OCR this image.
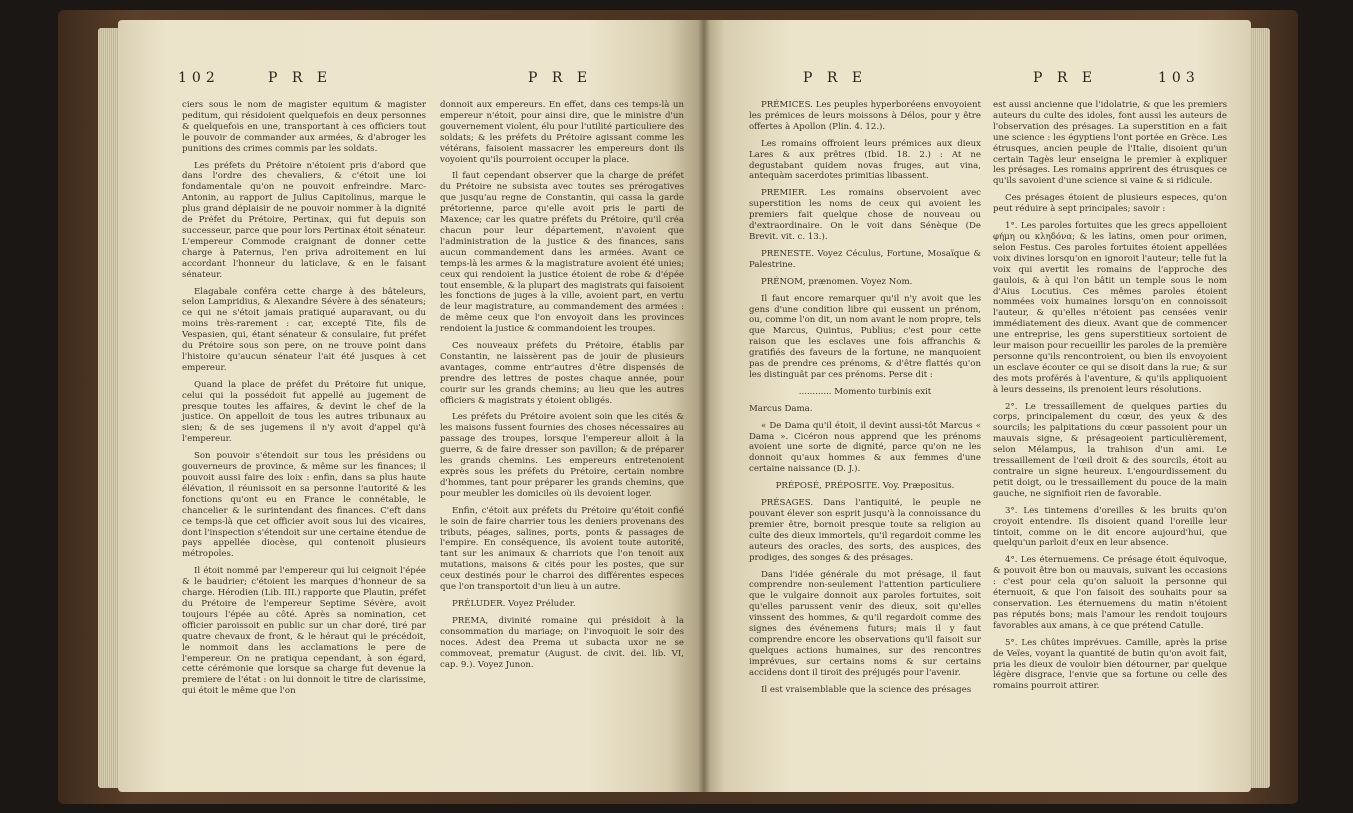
102	P R E	P R E

ciers sous le nom de magister equitum & magister peditum, qui résidoient quelquefois en deux personnes & quelquefois en une, transportant à ces officiers tout le pouvoir de commander aux armées, & d'abroger les punitions des crimes commis par les soldats.

Les préfets du Prétoire n'étoient pris d'abord que dans l'ordre des chevaliers, & c'étoit une loi fondamentale qu'on ne pouvoit enfreindre. Marc-Antonin, au rapport de Julius Capitolinus, marque le plus grand déplaisir de ne pouvoir nommer à la dignité de Préfet du Prétoire, Pertinax, qui fut depuis son successeur, parce que pour lors Pertinax étoit sénateur. L'empereur Commode craignant de donner cette charge à Paternus, l'en priva adroitement en lui accordant l'honneur du laticlave, & en le faisant sénateur.

Elagabale conféra cette charge à des bâteleurs, selon Lampridius, & Alexandre Sévère à des sénateurs; ce qui ne s'étoit jamais pratiqué auparavant, ou du moins très-rarement : car, excepté Tite, fils de Vespasien, qui, étant sénateur & consulaire, fut préfet du Prétoire sous son pere, on ne trouve point dans l'histoire qu'aucun sénateur l'ait été jusques à cet empereur.

Quand la place de préfet du Prétoire fut unique, celui qui la possédoit fut appellé au jugement de presque toutes les affaires, & devint le chef de la justice. On appelloit de tous les autres tribunaux au sien; & de ses jugemens il n'y avoit d'appel qu'à l'empereur.

Son pouvoir s'étendoit sur tous les présidens ou gouverneurs de province, & même sur les finances; il pouvoit aussi faire des loix : enfin, dans sa plus haute élévation, il réunissoit en sa personne l'autorité & les fonctions qu'ont eu en France le connétable, le chancelier & le surintendant des finances. C'eft dans ce temps-là que cet officier avoit sous lui des vicaires, dont l'inspection s'étendoit sur une certaine étendue de pays appellée diocèse, qui contenoit plusieurs métropoles.

Il étoit nommé par l'empereur qui lui ceignoit l'épée & le baudrier; c'étoient les marques d'honneur de sa charge. Hérodien (Lib. III.) rapporte que Plautin, préfet du Prétoire de l'empereur Septime Sévère, avoit toujours l'épée au côté. Après sa nomination, cet officier paroissoit en public sur un char doré, tiré par quatre chevaux de front, & le héraut qui le précédoit, le nommoit dans les acclamations le pere de l'empereur. On ne pratiqua cependant, à son égard, cette cérémonie que lorsque sa charge fut devenue la premiere de l'état : on lui donnoit le titre de clarissime, qui étoit le même que l'on

donnoit aux empereurs. En effet, dans ces temps-là un empereur n'étoit, pour ainsi dire, que le ministre d'un gouvernement violent, élu pour l'utilité particuliere des soldats; & les préfets du Prétoire agissant comme les vétérans, faisoient massacrer les empereurs dont ils voyoient qu'ils pourroient occuper la place.

Il faut cependant observer que la charge de préfet du Prétoire ne subsista avec toutes ses prérogatives que jusqu'au regne de Constantin, qui cassa la garde prétorienne, parce qu'elle avoit pris le parti de Maxence; car les quatre préfets du Prétoire, qu'il créa chacun pour leur département, n'avoient que l'administration de la justice & des finances, sans aucun commandement dans les armées. Avant ce temps-là les armes & la magistrature avoient été unies; ceux qui rendoient la justice étoient de robe & d'épée tout ensemble, & la plupart des magistrats qui faisoient les fonctions de juges à la ville, avoient part, en vertu de leur magistrature, au commandement des armées : de même ceux que l'on envoyoit dans les provinces rendoient la justice & commandoient les troupes.

Ces nouveaux préfets du Prétoire, établis par Constantin, ne laissèrent pas de jouir de plusieurs avantages, comme entr'autres d'être dispensés de prendre des lettres de postes chaque année, pour courir sur les grands chemins; au lieu que les autres officiers & magistrats y étoient obligés.

Les préfets du Prétoire avoient soin que les cités & les maisons fussent fournies des choses nécessaires au passage des troupes, lorsque l'empereur alloit à la guerre, & de faire dresser son pavillon; & de préparer les grands chemins. Les empereurs entretenoient exprès sous les préfets du Prétoire, certain nombre d'hommes, tant pour préparer les grands chemins, que pour meubler les domiciles où ils devoient loger.

Enfin, c'étoit aux préfets du Prétoire qu'étoit confié le soin de faire charrier tous les deniers provenans des tributs, péages, salines, ports, ponts & passages de l'empire. En conséquence, ils avoient toute autorité, tant sur les animaux & charriots que l'on tenoit aux mutations, maisons & cités pour les postes, que sur ceux destinés pour le charroi des différentes especes que l'on transportoit d'un lieu à un autre.

PRÉLUDER. Voyez Préluder.

PREMA, divinité romaine qui présidoit à la consommation du mariage; on l'invoquoit le soir des noces. Adest dea Prema ut subacta uxor ne se commoveat, prematur (August. de civit. dei. lib. VI, cap. 9.). Voyez Junon.

P R E	P R E	103

PRÉMICES. Les peuples hyperboréens envoyoient les prémices de leurs moissons à Délos, pour y être offertes à Apollon (Plin. 4. 12.).

Les romains offroient leurs prémices aux dieux Lares & aux prêtres (Ibid. 18. 2.) : At ne degustabant quidem novas fruges, aut vina, antequàm sacerdotes primitias libassent.

PREMIER. Les romains observoient avec superstition les noms de ceux qui avoient les premiers fait quelque chose de nouveau ou d'extraordinaire. On le voit dans Sénèque (De Brevit. vit. c. 13.).

PRENESTE. Voyez Céculus, Fortune, Mosaïque & Palestrine.

PRÉNOM, prænomen. Voyez Nom.

Il faut encore remarquer qu'il n'y avoit que les gens d'une condition libre qui eussent un prénom, ou, comme l'on dit, un nom avant le nom propre, tels que Marcus, Quintus, Publius; c'est pour cette raison que les esclaves une fois affranchis & gratifiés des faveurs de la fortune, ne manquoient pas de prendre ces prénoms, & d'être flattés qu'on les distinguât par ces prénoms. Perse dit :

............ Momento turbinis exit

Marcus Dama.

« De Dama qu'il étoit, il devint aussi-tôt Marcus « Dama ». Cicéron nous apprend que les prénoms avoient une sorte de dignité, parce qu'on ne les donnoit qu'aux hommes & aux femmes d'une certaine naissance (D. J.).

PRÉPOSÉ, PRÉPOSITE. Voy. Præpositus.

PRÉSAGES. Dans l'antiquité, le peuple ne pouvant élever son esprit jusqu'à la connoissance du premier être, bornoit presque toute sa religion au culte des dieux immortels, qu'il regardoit comme les auteurs des oracles, des sorts, des auspices, des prodiges, des songes & des présages.

Dans l'idée générale du mot présage, il faut comprendre non-seulement l'attention particuliere que le vulgaire donnoit aux paroles fortuites, soit qu'elles parussent venir des dieux, soit qu'elles vinssent des hommes, & qu'il regardoit comme des signes des événemens futurs; mais il y faut comprendre encore les observations qu'il faisoit sur quelques actions humaines, sur des rencontres imprévues, sur certains noms & sur certains accidens dont il tiroit des préjugés pour l'avenir.

Il est vraisemblable que la science des présages

est aussi ancienne que l'idolatrie, & que les premiers auteurs du culte des idoles, font aussi les auteurs de l'observation des présages. La superstition en a fait une science : les égyptiens l'ont portée en Grèce. Les étrusques, ancien peuple de l'Italie, disoient qu'un certain Tagès leur enseigna le premier à expliquer les présages. Les romains apprirent des étrusques ce qu'ils savoient d'une science si vaine & si ridicule.

Ces présages étoient de plusieurs especes, qu'on peut réduire à sept principales; savoir :

1°. Les paroles fortuites que les grecs appelloient φήμη ou κληδόνα; & les latins, omen pour orimen, selon Festus. Ces paroles fortuites étoient appellées voix divines lorsqu'on en ignoroit l'auteur; telle fut la voix qui avertit les romains de l'approche des gaulois, & à qui l'on bâtit un temple sous le nom d'Aius Locutius. Ces mêmes paroles étoient nommées voix humaines lorsqu'on en connoissoit l'auteur, & qu'elles n'étoient pas censées venir immédiatement des dieux. Avant que de commencer une entreprise, les gens superstitieux sortoient de leur maison pour recueillir les paroles de la première personne qu'ils rencontroient, ou bien ils envoyoient un esclave écouter ce qui se disoit dans la rue; & sur des mots proférés à l'aventure, & qu'ils appliquoient à leurs desseins, ils prenoient leurs résolutions.

2°. Le tressaillement de quelques parties du corps, principalement du cœur, des yeux & des sourcils; les palpitations du cœur passoient pour un mauvais signe, & présageoient particulièrement, selon Mélampus, la trahison d'un ami. Le tressaillement de l'œil droit & des sourcils, étoit au contraire un signe heureux. L'engourdissement du petit doigt, ou le tressaillement du pouce de la main gauche, ne signifioit rien de favorable.

3°. Les tintemens d'oreilles & les bruits qu'on croyoit entendre. Ils disoient quand l'oreille leur tintoit, comme on le dit encore aujourd'hui, que quelqu'un parloit d'eux en leur absence.

4°. Les éternuemens. Ce présage étoit équivoque, & pouvoit être bon ou mauvais, suivant les occasions : c'est pour cela qu'on saluoit la personne qui éternuoit, & que l'on faisoit des souhaits pour sa conservation. Les éternuemens du matin n'étoient pas réputés bons; mais l'amour les rendoit toujours favorables aux amans, à ce que prétend Catulle.

5°. Les chûtes imprévues. Camille, après la prise de Veïes, voyant la quantité de butin qu'on avoit fait, pria les dieux de vouloir bien détourner, par quelque légère disgrace, l'envie que sa fortune ou celle des romains pourroit attirer.
